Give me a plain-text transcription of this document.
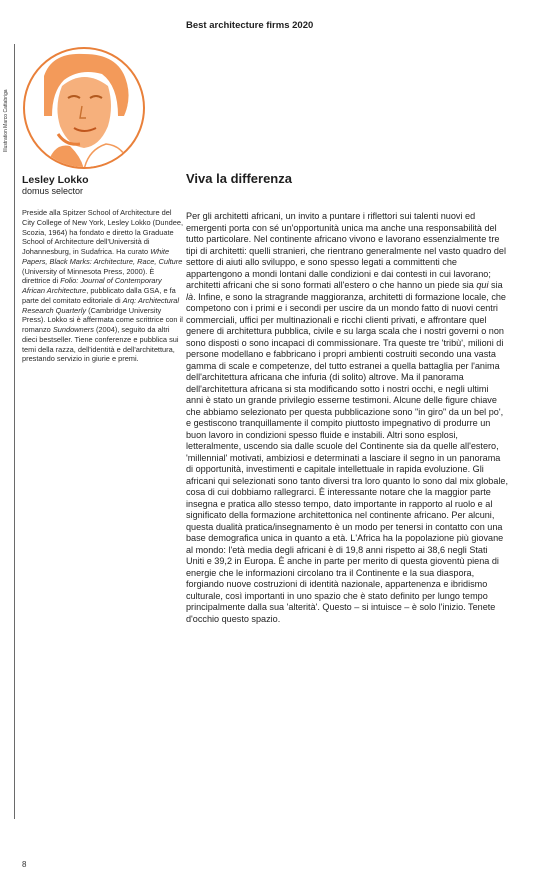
Best architecture firms 2020
Illustration Marco Cattabriga
Lesley Lokko
domus selector
Preside alla Spitzer School of Architecture del City College of New York, Lesley Lokko (Dundee, Scozia, 1964) ha fondato e diretto la Graduate School of Architecture dell'Università di Johannesburg, in Sudafrica. Ha curato White Papers, Black Marks: Architecture, Race, Culture (University of Minnesota Press, 2000). È direttrice di Folio: Journal of Contemporary African Architecture, pubblicato dalla GSA, e fa parte del comitato editoriale di Arq: Architectural Research Quarterly (Cambridge University Press). Lokko si è affermata come scrittrice con il romanzo Sundowners (2004), seguito da altri dieci bestseller. Tiene conferenze e pubblica sui temi della razza, dell'identità e dell'architettura, prestando servizio in giurie e premi.
Viva la differenza
Per gli architetti africani, un invito a puntare i riflettori sui talenti nuovi ed emergenti porta con sé un'opportunità unica ma anche una responsabilità del tutto particolare. Nel continente africano vivono e lavorano essenzialmente tre tipi di architetti: quelli stranieri, che rientrano generalmente nel vasto quadro del settore di aiuti allo sviluppo, e sono spesso legati a committenti che appartengono a mondi lontani dalle condizioni e dai contesti in cui lavorano; architetti africani che si sono formati all'estero o che hanno un piede sia qui sia là. Infine, e sono la stragrande maggioranza, architetti di formazione locale, che competono con i primi e i secondi per uscire da un mondo fatto di nuovi centri commerciali, uffici per multinazionali e ricchi clienti privati, e affrontare quel genere di architettura pubblica, civile e su larga scala che i nostri governi o non sono disposti o sono incapaci di commissionare. Tra queste tre 'tribù', milioni di persone modellano e fabbricano i propri ambienti costruiti secondo una vasta gamma di scale e competenze, del tutto estranei a quella battaglia per l'anima dell'architettura africana che infuria (di solito) altrove. Ma il panorama dell'architettura africana si sta modificando sotto i nostri occhi, e negli ultimi anni è stato un grande privilegio esserne testimoni. Alcune delle figure chiave che abbiamo selezionato per questa pubblicazione sono "in giro" da un bel po', e gestiscono tranquillamente il compito piuttosto impegnativo di produrre un buon lavoro in condizioni spesso fluide e instabili. Altri sono esplosi, letteralmente, uscendo sia dalle scuole del Continente sia da quelle all'estero, 'millennial' motivati, ambiziosi e determinati a lasciare il segno in un panorama di opportunità, investimenti e capitale intellettuale in rapida evoluzione. Gli africani qui selezionati sono tanto diversi tra loro quanto lo sono dal mix globale, cosa di cui dobbiamo rallegrarci. È interessante notare che la maggior parte insegna e pratica allo stesso tempo, dato importante in rapporto al ruolo e al significato della formazione architettonica nel continente africano. Per alcuni, questa dualità pratica/insegnamento è un modo per tenersi in contatto con una base demografica unica in quanto a età. L'Africa ha la popolazione più giovane al mondo: l'età media degli africani è di 19,8 anni rispetto ai 38,6 negli Stati Uniti e 39,2 in Europa. È anche in parte per merito di questa gioventù piena di energie che le informazioni circolano tra il Continente e la sua diaspora, forgiando nuove costruzioni di identità nazionale, appartenenza e ibridismo culturale, così importanti in uno spazio che è stato definito per lungo tempo principalmente dalla sua 'alterità'. Questo – si intuisce – è solo l'inizio. Tenete d'occhio questo spazio.
8
